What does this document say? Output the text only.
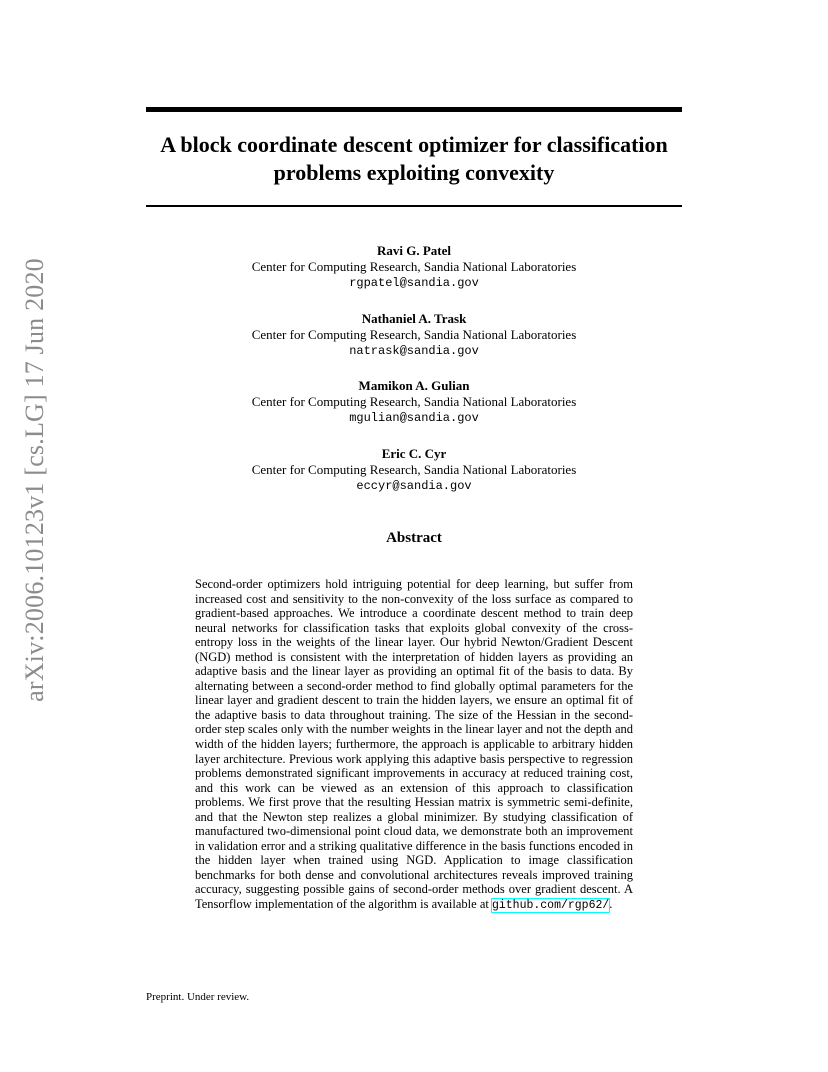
arXiv:2006.10123v1 [cs.LG] 17 Jun 2020
A block coordinate descent optimizer for classification
problems exploiting convexity
Ravi G. Patel
Center for Computing Research, Sandia National Laboratories
rgpatel@sandia.gov
Nathaniel A. Trask
Center for Computing Research, Sandia National Laboratories
natrask@sandia.gov
Mamikon A. Gulian
Center for Computing Research, Sandia National Laboratories
mgulian@sandia.gov
Eric C. Cyr
Center for Computing Research, Sandia National Laboratories
eccyr@sandia.gov
Abstract
Second-order optimizers hold intriguing potential for deep learning, but suffer from increased cost and sensitivity to the non-convexity of the loss surface as compared to gradient-based approaches. We introduce a coordinate descent method to train deep neural networks for classification tasks that exploits global convexity of the cross-entropy loss in the weights of the linear layer. Our hybrid Newton/Gradient Descent (NGD) method is consistent with the interpretation of hidden layers as providing an adaptive basis and the linear layer as providing an optimal fit of the basis to data. By alternating between a second-order method to find globally optimal parameters for the linear layer and gradient descent to train the hidden layers, we ensure an optimal fit of the adaptive basis to data throughout training. The size of the Hessian in the second-order step scales only with the number weights in the linear layer and not the depth and width of the hidden layers; furthermore, the approach is applicable to arbitrary hidden layer architecture. Previous work applying this adaptive basis perspective to regression problems demonstrated significant improvements in accuracy at reduced training cost, and this work can be viewed as an extension of this approach to classification problems. We first prove that the resulting Hessian matrix is symmetric semi-definite, and that the Newton step realizes a global minimizer. By studying classification of manufactured two-dimensional point cloud data, we demonstrate both an improvement in validation error and a striking qualitative difference in the basis functions encoded in the hidden layer when trained using NGD. Application to image classification benchmarks for both dense and convolutional architectures reveals improved training accuracy, suggesting possible gains of second-order methods over gradient descent. A Tensorflow implementation of the algorithm is available at github.com/rgp62/.
Preprint. Under review.
